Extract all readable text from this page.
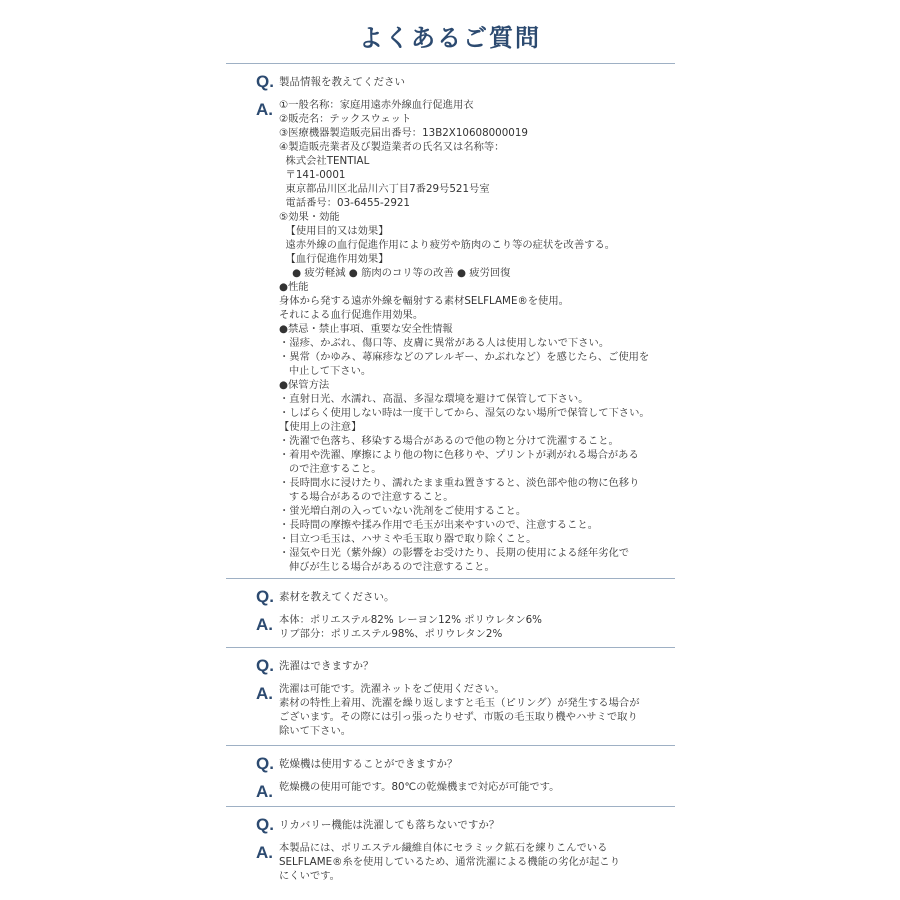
よくあるご質問
Q. 製品情報を教えてください
A. ①一般名称：家庭用遠赤外線血行促進用衣
②販売名：テックスウェット
③医療機器製造販売届出番号：13B2X10608000019
④製造販売業者及び製造業者の氏名又は名称等：
株式会社TENTIAL
〒141-0001
東京都品川区北品川六丁目7番29号521号室
電話番号：03-6455-2921
⑤効果・効能
【使用目的又は効果】
遠赤外線の血行促進作用により疲労や筋肉のこり等の症状を改善する。
【血行促進作用効果】
● 疲労軽減 ● 筋肉のコリ等の改善 ● 疲労回復
●性能
身体から発する遠赤外線を輻射する素材SELFLAME®を使用。
それによる血行促進作用効果。
●禁忌・禁止事項、重要な安全性情報
・湿疹、かぶれ、傷口等、皮膚に異常がある人は使用しないで下さい。
・異常（かゆみ、蕁麻疹などのアレルギー、かぶれなど）を感じたら、ご使用を
中止して下さい。
●保管方法
・直射日光、水濡れ、高温、多湿な環境を避けて保管して下さい。
・しばらく使用しない時は一度干してから、湿気のない場所で保管して下さい。
【使用上の注意】
・洗濯で色落ち、移染する場合があるので他の物と分けて洗濯すること。
・着用や洗濯、摩擦により他の物に色移りや、プリントが剥がれる場合がある
ので注意すること。
・長時間水に浸けたり、濡れたまま重ね置きすると、淡色部や他の物に色移り
する場合があるので注意すること。
・蛍光増白剤の入っていない洗剤をご使用すること。
・長時間の摩擦や揉み作用で毛玉が出来やすいので、注意すること。
・目立つ毛玉は、ハサミや毛玉取り器で取り除くこと。
・湿気や日光（紫外線）の影響をお受けたり、長期の使用による経年劣化で
伸びが生じる場合があるので注意すること。
Q. 素材を教えてください。
A. 本体：ポリエステル82% レーヨン12% ポリウレタン6%
リブ部分：ポリエステル98%、ポリウレタン2%
Q. 洗濯はできますか？
A. 洗濯は可能です。洗濯ネットをご使用ください。
素材の特性上着用、洗濯を繰り返しますと毛玉（ピリング）が発生する場合が
ございます。その際には引っ張ったりせず、市販の毛玉取り機やハサミで取り
除いて下さい。
Q. 乾燥機は使用することができますか？
A. 乾燥機の使用可能です。80℃の乾燥機まで対応が可能です。
Q. リカバリー機能は洗濯しても落ちないですか？
A. 本製品には、ポリエステル繊維自体にセラミック鉱石を練りこんでいる
SELFLAME®糸を使用しているため、通常洗濯による機能の劣化が起こり
にくいです。
